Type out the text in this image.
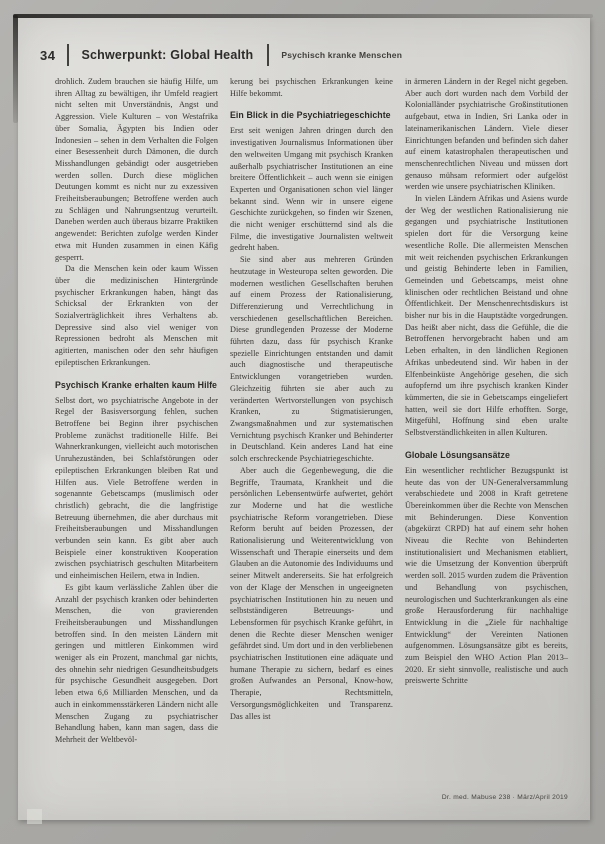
34	Schwerpunkt: Global Health	Psychisch kranke Menschen

drohlich. Zudem brauchen sie häufig Hilfe, um ihren Alltag zu bewältigen, ihr Umfeld reagiert nicht selten mit Unverständnis, Angst und Aggression. Viele Kulturen – von Westafrika über Somalia, Ägypten bis Indien oder Indonesien – sehen in dem Verhalten die Folgen einer Besessenheit durch Dämonen, die durch Misshandlungen gebändigt oder ausgetrieben werden sollen. Durch diese möglichen Deutungen kommt es nicht nur zu exzessiven Freiheitsberaubungen; Betroffene werden auch zu Schlägen und Nahrungsentzug verurteilt. Daneben werden auch überaus bizarre Praktiken angewendet: Berichten zufolge werden Kinder etwa mit Hunden zusammen in einen Käfig gesperrt.

Da die Menschen kein oder kaum Wissen über die medizinischen Hintergründe psychischer Erkrankungen haben, hängt das Schicksal der Erkrankten von der Sozialverträglichkeit ihres Verhaltens ab. Depressive sind also viel weniger von Repressionen bedroht als Menschen mit agitierten, manischen oder den sehr häufigen epileptischen Erkrankungen.

Psychisch Kranke erhalten kaum Hilfe

Selbst dort, wo psychiatrische Angebote in der Regel der Basisversorgung fehlen, suchen Betroffene bei Beginn ihrer psychischen Probleme zunächst traditionelle Hilfe. Bei Wahnerkrankungen, vielleicht auch motorischen Unruhezuständen, bei Schlafstörungen oder epileptischen Erkrankungen bleiben Rat und Hilfen aus. Viele Betroffene werden in sogenannte Gebetscamps (muslimisch oder christlich) gebracht, die die langfristige Betreuung übernehmen, die aber durchaus mit Freiheitsberaubungen und Misshandlungen verbunden sein kann. Es gibt aber auch Beispiele einer konstruktiven Kooperation zwischen psychiatrisch geschulten Mitarbeitern und einheimischen Heilern, etwa in Indien.

Es gibt kaum verlässliche Zahlen über die Anzahl der psychisch kranken oder behinderten Menschen, die von gravierenden Freiheitsberaubungen und Misshandlungen betroffen sind. In den meisten Ländern mit geringen und mittleren Einkommen wird weniger als ein Prozent, manchmal gar nichts, des ohnehin sehr niedrigen Gesundheitsbudgets für psychische Gesundheit ausgegeben. Dort leben etwa 6,6 Milliarden Menschen, und da auch in einkommensstärkeren Ländern nicht alle Menschen Zugang zu psychiatrischer Behandlung haben, kann man sagen, dass die Mehrheit der Weltbevöl-

kerung bei psychischen Erkrankungen keine Hilfe bekommt.

Ein Blick in die Psychiatriegeschichte

Erst seit wenigen Jahren dringen durch den investigativen Journalismus Informationen über den weltweiten Umgang mit psychisch Kranken außerhalb psychiatrischer Institutionen an eine breitere Öffentlichkeit – auch wenn sie einigen Experten und Organisationen schon viel länger bekannt sind. Wenn wir in unsere eigene Geschichte zurückgehen, so finden wir Szenen, die nicht weniger erschütternd sind als die Filme, die investigative Journalisten weltweit gedreht haben.

Sie sind aber aus mehreren Gründen heutzutage in Westeuropa selten geworden. Die modernen westlichen Gesellschaften beruhen auf einem Prozess der Rationalisierung, Differenzierung und Verrechtlichung in verschiedenen gesellschaftlichen Bereichen. Diese grundlegenden Prozesse der Moderne führten dazu, dass für psychisch Kranke spezielle Einrichtungen entstanden und damit auch diagnostische und therapeutische Entwicklungen vorangetrieben wurden. Gleichzeitig führten sie aber auch zu veränderten Wertvorstellungen von psychisch Kranken, zu Stigmatisierungen, Zwangsmaßnahmen und zur systematischen Vernichtung psychisch Kranker und Behinderter in Deutschland. Kein anderes Land hat eine solch erschreckende Psychiatriegeschichte.

Aber auch die Gegenbewegung, die die Begriffe, Traumata, Krankheit und die persönlichen Lebensentwürfe aufwertet, gehört zur Moderne und hat die westliche psychiatrische Reform vorangetrieben. Diese Reform beruht auf beiden Prozessen, der Rationalisierung und Weiterentwicklung von Wissenschaft und Therapie einerseits und dem Glauben an die Autonomie des Individuums und seiner Mitwelt andererseits. Sie hat erfolgreich von der Klage der Menschen in ungeeigneten psychiatrischen Institutionen hin zu neuen und selbstständigeren Betreuungs- und Lebensformen für psychisch Kranke geführt, in denen die Rechte dieser Menschen weniger gefährdet sind. Um dort und in den verbliebenen psychiatrischen Institutionen eine adäquate und humane Therapie zu sichern, bedarf es eines großen Aufwandes an Personal, Know-how, Therapie, Rechtsmitteln, Versorgungsmöglichkeiten und Transparenz. Das alles ist

in ärmeren Ländern in der Regel nicht gegeben. Aber auch dort wurden nach dem Vorbild der Kolonialländer psychiatrische Großinstitutionen aufgebaut, etwa in Indien, Sri Lanka oder in lateinamerikanischen Ländern. Viele dieser Einrichtungen befanden und befinden sich daher auf einem katastrophalen therapeutischen und menschenrechtlichen Niveau und müssen dort genauso mühsam reformiert oder aufgelöst werden wie unsere psychiatrischen Kliniken.

In vielen Ländern Afrikas und Asiens wurde der Weg der westlichen Rationalisierung nie gegangen und psychiatrische Institutionen spielen dort für die Versorgung keine wesentliche Rolle. Die allermeisten Menschen mit weit reichenden psychischen Erkrankungen und geistig Behinderte leben in Familien, Gemeinden und Gebetscamps, meist ohne klinischen oder rechtlichen Beistand und ohne Öffentlichkeit. Der Menschenrechtsdiskurs ist bisher nur bis in die Hauptstädte vorgedrungen. Das heißt aber nicht, dass die Gefühle, die die Betroffenen hervorgebracht haben und am Leben erhalten, in den ländlichen Regionen Afrikas unbedeutend sind. Wir haben in der Elfenbeinküste Angehörige gesehen, die sich aufopfernd um ihre psychisch kranken Kinder kümmerten, die sie in Gebetscamps eingeliefert hatten, weil sie dort Hilfe erhofften. Sorge, Mitgefühl, Hoffnung sind eben uralte Selbstverständlichkeiten in allen Kulturen.

Globale Lösungsansätze

Ein wesentlicher rechtlicher Bezugspunkt ist heute das von der UN-Generalversammlung verabschiedete und 2008 in Kraft getretene Übereinkommen über die Rechte von Menschen mit Behinderungen. Diese Konvention (abgekürzt CRPD) hat auf einem sehr hohen Niveau die Rechte von Behinderten institutionalisiert und Mechanismen etabliert, wie die Umsetzung der Konvention überprüft werden soll. 2015 wurden zudem die Prävention und Behandlung von psychischen, neurologischen und Suchterkrankungen als eine große Herausforderung für nachhaltige Entwicklung in die „Ziele für nachhaltige Entwicklung“ der Vereinten Nationen aufgenommen. Lösungsansätze gibt es bereits, zum Beispiel den WHO Action Plan 2013–2020. Er sieht sinnvolle, realistische und auch preiswerte Schritte

Dr. med. Mabuse 238 · März/April 2019
